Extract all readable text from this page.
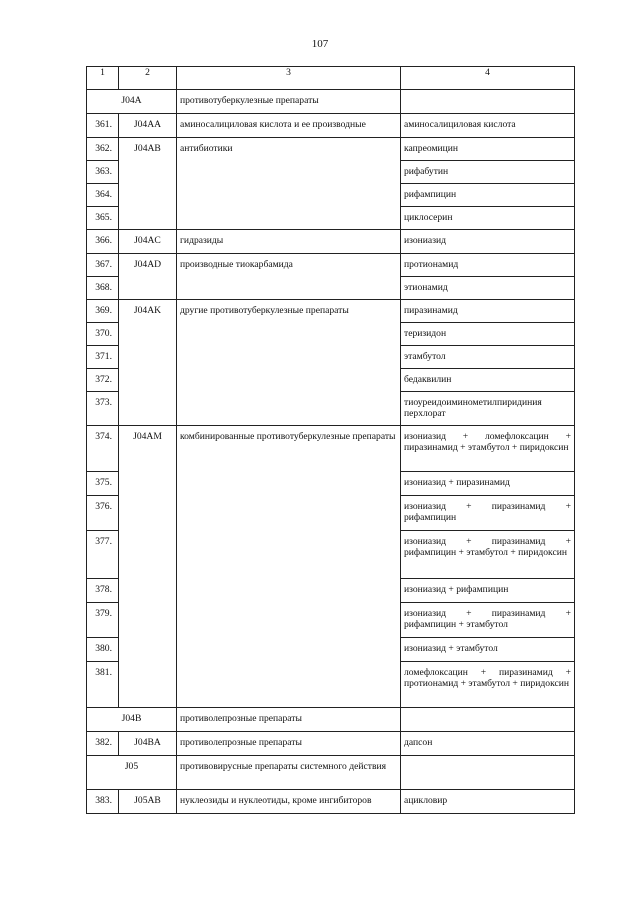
107
1	2	3	4
J04A		противотуберкулезные препараты	
361.	J04AA	аминосалициловая кислота и ее производные	аминосалициловая кислота
362.	J04AB	антибиотики	капреомицин
363.			рифабутин
364.			рифампицин
365.			циклосерин
366.	J04AC	гидразиды	изониазид
367.	J04AD	производные тиокарбамида	протионамид
368.			этионамид
369.	J04AK	другие противотуберкулезные препараты	пиразинамид
370.			теризидон
371.			этамбутол
372.			бедаквилин
373.			тиоуреидоиминометилпиридиния перхлорат
374.	J04AM	комбинированные противотуберкулезные препараты	изониазид + ломефлоксацин + пиразинамид + этамбутол + пиридоксин
375.			изониазид + пиразинамид
376.			изониазид + пиразинамид + рифампицин
377.			изониазид + пиразинамид + рифампицин + этамбутол + пиридоксин
378.			изониазид + рифампицин
379.			изониазид + пиразинамид + рифампицин + этамбутол
380.			изониазид + этамбутол
381.			ломефлоксацин + пиразинамид + протионамид + этамбутол + пиридоксин
J04B		противолепрозные препараты	
382.	J04BA	противолепрозные препараты	дапсон
J05		противовирусные препараты системного действия	
383.	J05AB	нуклеозиды и нуклеотиды, кроме ингибиторов	ацикловир
